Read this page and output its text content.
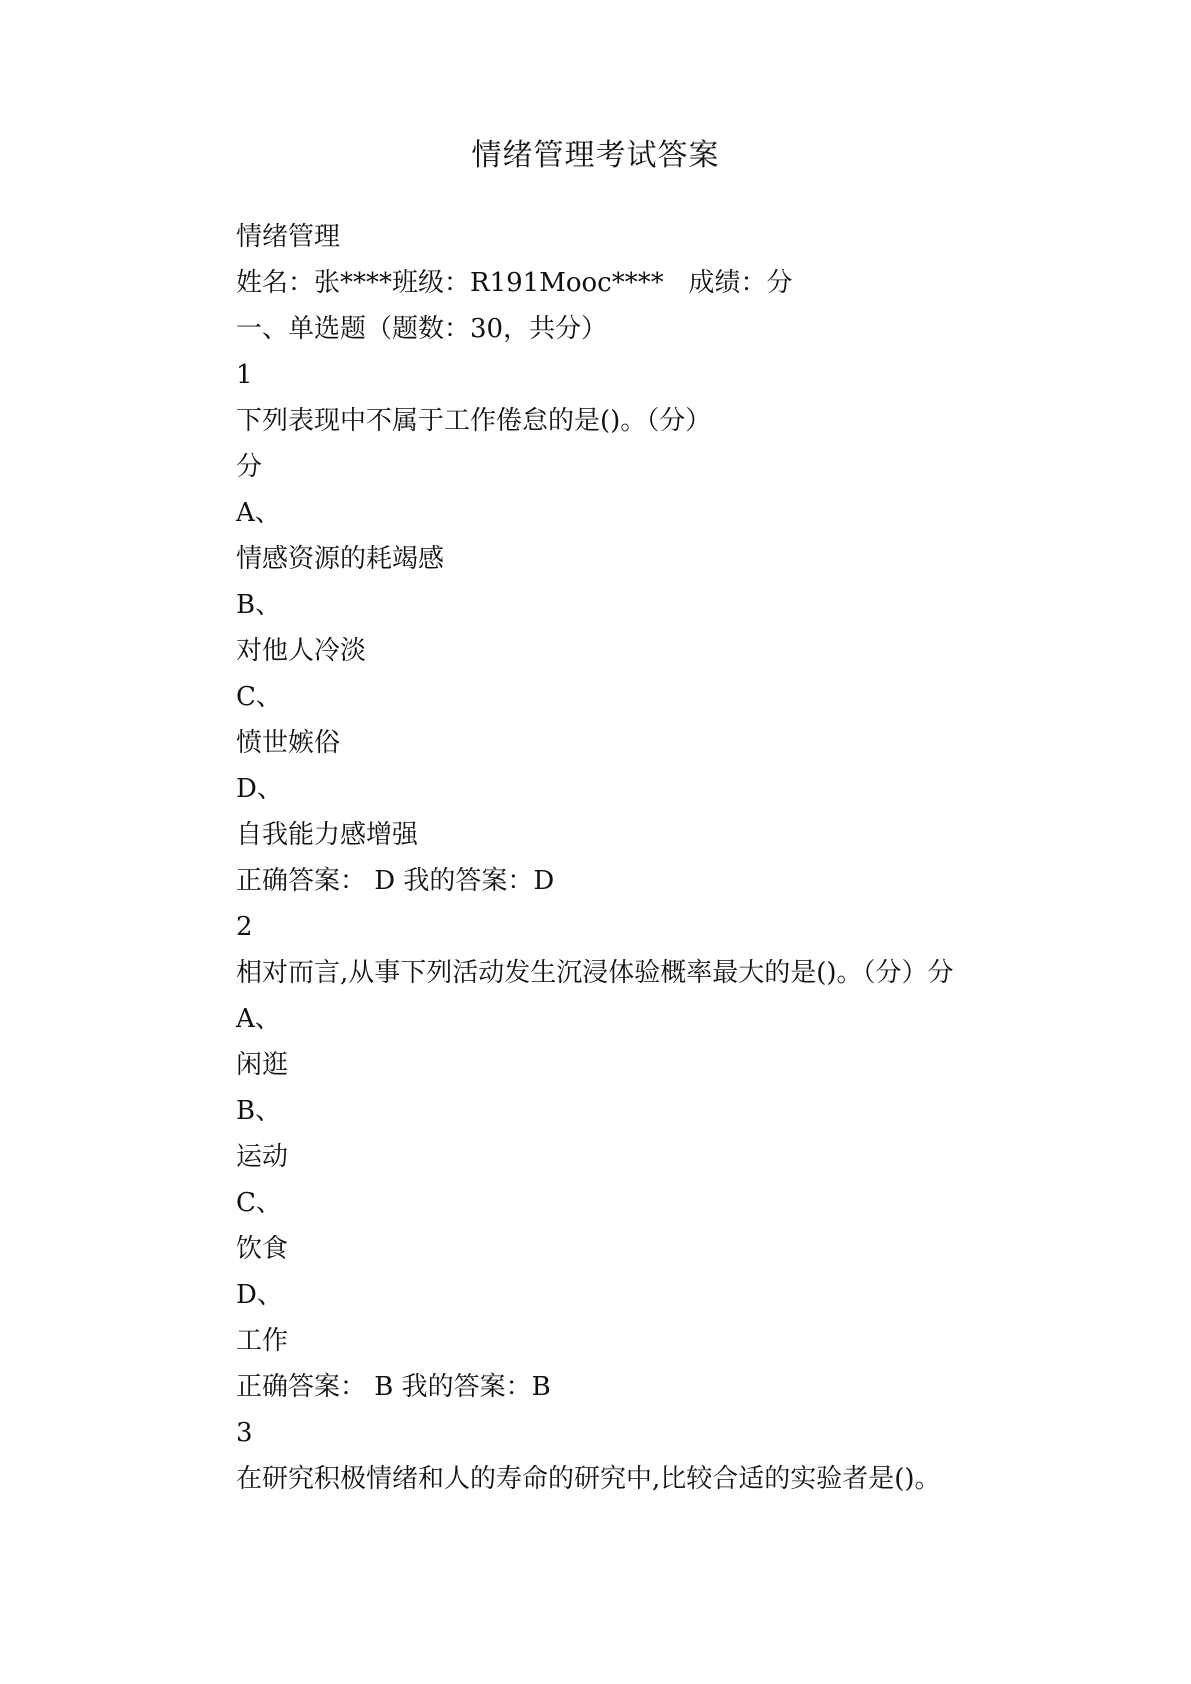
情绪管理考试答案
情绪管理
姓名：张****班级：R191Mooc****   成绩：分
一、单选题（题数：30，共分）
1
下列表现中不属于工作倦怠的是()。（分）
分
A、
情感资源的耗竭感
B、
对他人冷淡
C、
愤世嫉俗
D、
自我能力感增强
正确答案： D 我的答案：D
2
相对而言,从事下列活动发生沉浸体验概率最大的是()。（分）分
A、
闲逛
B、
运动
C、
饮食
D、
工作
正确答案： B 我的答案：B
3
在研究积极情绪和人的寿命的研究中,比较合适的实验者是()。
